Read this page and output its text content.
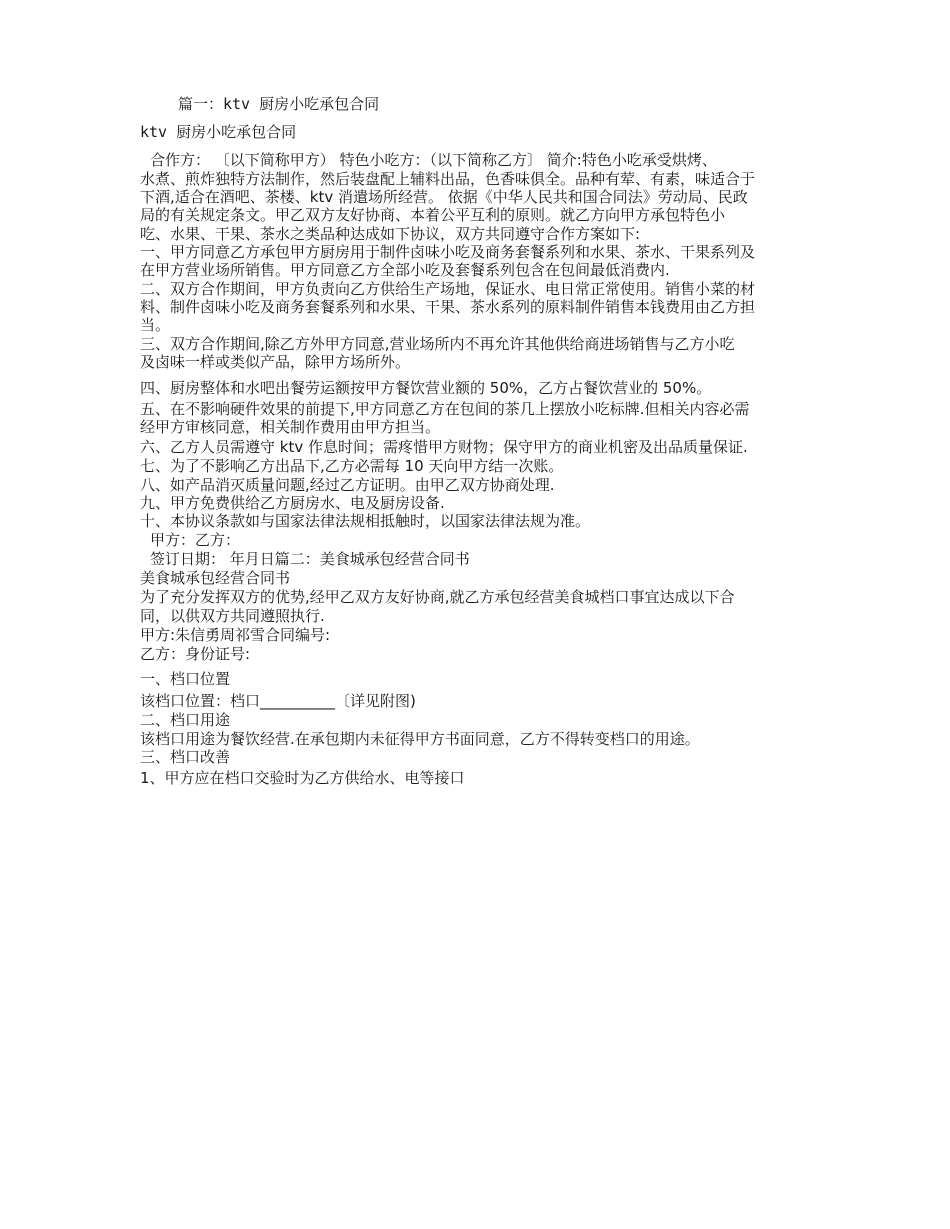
篇一：ktv 厨房小吃承包合同
ktv 厨房小吃承包合同
合作方： 〔以下简称甲方） 特色小吃方：（以下简称乙方〕 简介:特色小吃承受烘烤、
水煮、煎炸独特方法制作，然后装盘配上辅料出品，色香味俱全。品种有荤、有素，味适合于
下酒,适合在酒吧、茶楼、ktv 消遣场所经营。 依据《中华人民共和国合同法》劳动局、民政
局的有关规定条文。甲乙双方友好协商、本着公平互利的原则。就乙方向甲方承包特色小
吃、水果、干果、茶水之类品种达成如下协议，双方共同遵守合作方案如下:
一、甲方同意乙方承包甲方厨房用于制件卤味小吃及商务套餐系列和水果、茶水、干果系列及
在甲方营业场所销售。甲方同意乙方全部小吃及套餐系列包含在包间最低消费内.
二、双方合作期间，甲方负责向乙方供给生产场地，保证水、电日常正常使用。销售小菜的材
料、制件卤味小吃及商务套餐系列和水果、干果、茶水系列的原料制件销售本钱费用由乙方担
当。
三、双方合作期间,除乙方外甲方同意,营业场所内不再允许其他供给商进场销售与乙方小吃
及卤味一样或类似产品，除甲方场所外。
四、厨房整体和水吧出餐劳运额按甲方餐饮营业额的 50%，乙方占餐饮营业的 50%。
五、在不影响硬件效果的前提下,甲方同意乙方在包间的茶几上摆放小吃标牌.但相关内容必需
经甲方审核同意，相关制作费用由甲方担当。
六、乙方人员需遵守 ktv 作息时间；需疼惜甲方财物；保守甲方的商业机密及出品质量保证.
七、为了不影响乙方出品下,乙方必需每 10 天向甲方结一次账。
八、如产品消灭质量问题,经过乙方证明。由甲乙双方协商处理.
九、甲方免费供给乙方厨房水、电及厨房设备.
十、本协议条款如与国家法律法规相抵触时，以国家法律法规为准。
甲方：乙方：
签订日期： 年月日篇二：美食城承包经营合同书
美食城承包经营合同书
为了充分发挥双方的优势,经甲乙双方友好协商,就乙方承包经营美食城档口事宜达成以下合
同，以供双方共同遵照执行.
甲方:朱信勇周祁雪合同编号:
乙方：身份证号:
一、档口位置
该档口位置：档口__________〔详见附图)
二、档口用途
该档口用途为餐饮经营.在承包期内未征得甲方书面同意，乙方不得转变档口的用途。
三、档口改善
1、甲方应在档口交验时为乙方供给水、电等接口
